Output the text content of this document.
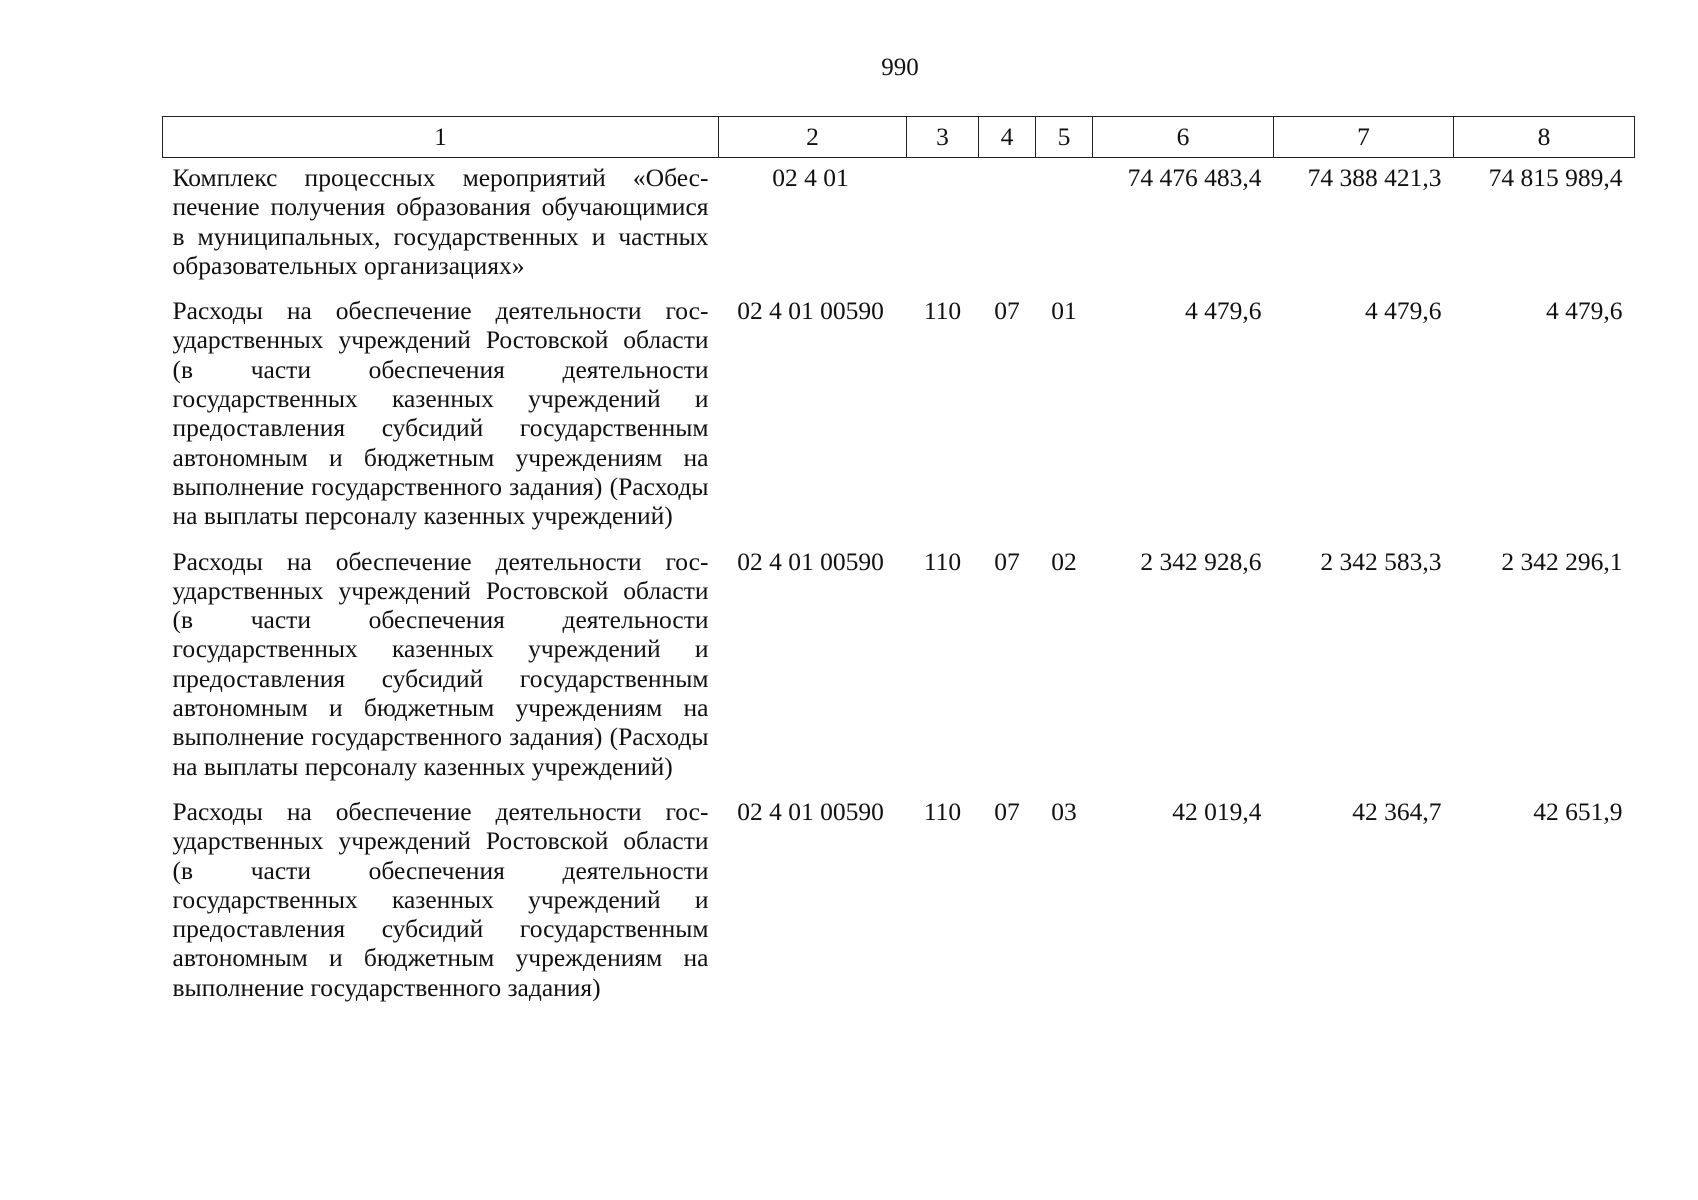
990
1	2	3	4	5	6	7	8

Комплекс процессных мероприятий «Обеспечение получения образования обучающимися в муниципальных, государственных и частных образовательных организациях»	02 4 01				74 476 483,4	74 388 421,3	74 815 989,4
Расходы на обеспечение деятельности государственных учреждений Ростовской области (в части обеспечения деятельности государственных казенных учреждений и предоставления субсидий государственным автономным и бюджетным учреждениям на выполнение государственного задания) (Расходы на выплаты персоналу казенных учреждений)	02 4 01 00590	110	07	01	4 479,6	4 479,6	4 479,6
Расходы на обеспечение деятельности государственных учреждений Ростовской области (в части обеспечения деятельности государственных казенных учреждений и предоставления субсидий государственным автономным и бюджетным учреждениям на выполнение государственного задания) (Расходы на выплаты персоналу казенных учреждений)	02 4 01 00590	110	07	02	2 342 928,6	2 342 583,3	2 342 296,1
Расходы на обеспечение деятельности государственных учреждений Ростовской области (в части обеспечения деятельности государственных казенных учреждений и предоставления субсидий государственным автономным и бюджетным учреждениям на выполнение государственного задания)	02 4 01 00590	110	07	03	42 019,4	42 364,7	42 651,9
